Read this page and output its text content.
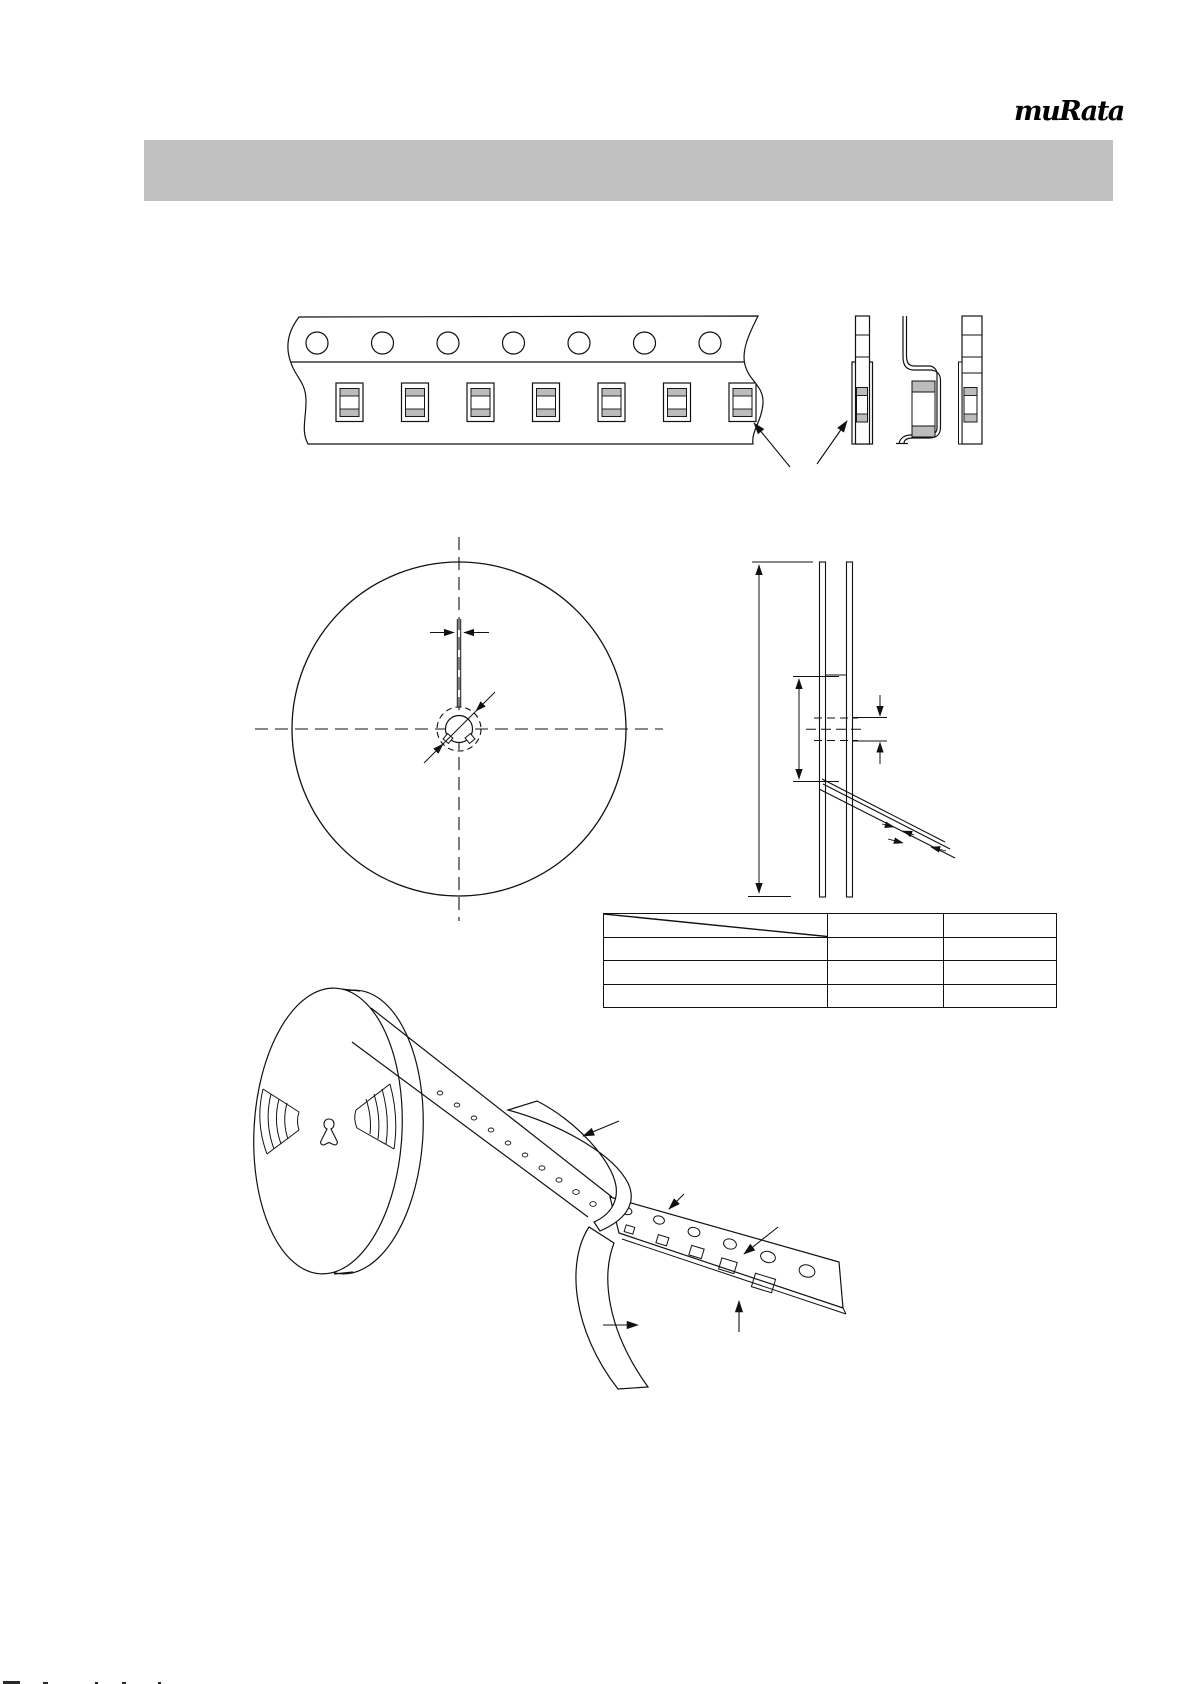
muRata
